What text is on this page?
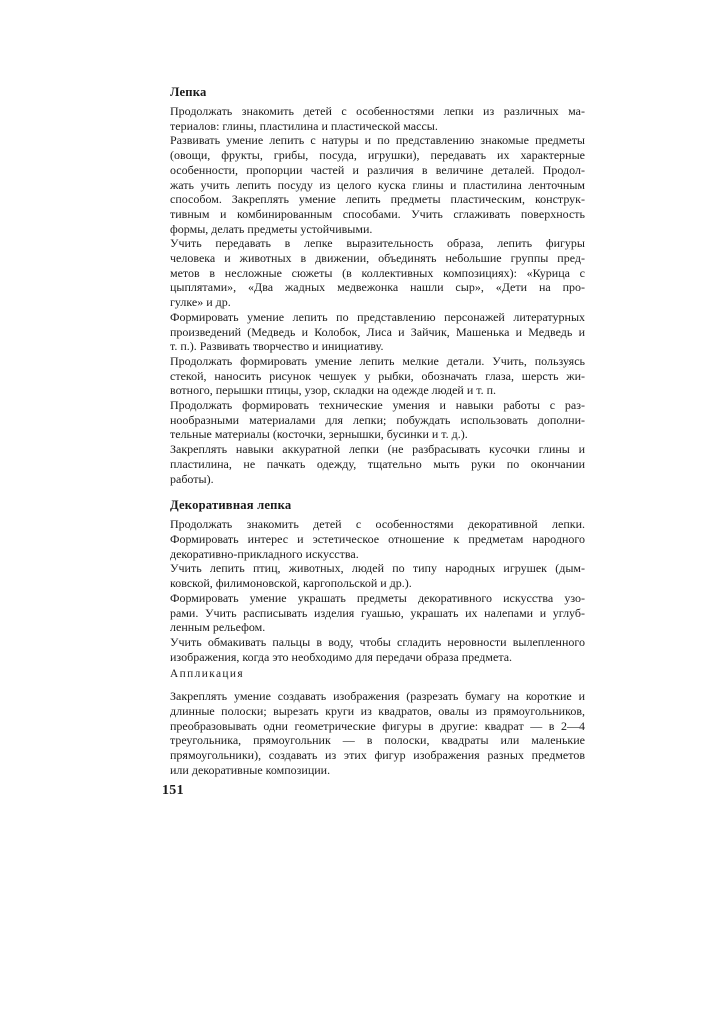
Лепка
Продолжать знакомить детей с особенностями лепки из различных ма-
териалов: глины, пластилина и пластической массы.
Развивать умение лепить с натуры и по представлению знакомые предметы
(овощи, фрукты, грибы, посуда, игрушки), передавать их характерные
особенности, пропорции частей и различия в величине деталей. Продол-
жать учить лепить посуду из целого куска глины и пластилина ленточным
способом. Закреплять умение лепить предметы пластическим, конструк-
тивным и комбинированным способами. Учить сглаживать поверхность
формы, делать предметы устойчивыми.
Учить передавать в лепке выразительность образа, лепить фигуры
человека и животных в движении, объединять небольшие группы пред-
метов в несложные сюжеты (в коллективных композициях): «Курица с
цыплятами», «Два жадных медвежонка нашли сыр», «Дети на про-
гулке» и др.
Формировать умение лепить по представлению персонажей литературных
произведений (Медведь и Колобок, Лиса и Зайчик, Машенька и Медведь и
т. п.). Развивать творчество и инициативу.
Продолжать формировать умение лепить мелкие детали. Учить, пользуясь
стекой, наносить рисунок чешуек у рыбки, обозначать глаза, шерсть жи-
вотного, перышки птицы, узор, складки на одежде людей и т. п.
Продолжать формировать технические умения и навыки работы с раз-
нообразными материалами для лепки; побуждать использовать дополни-
тельные материалы (косточки, зернышки, бусинки и т. д.).
Закреплять навыки аккуратной лепки (не разбрасывать кусочки глины и
пластилина, не пачкать одежду, тщательно мыть руки по окончании
работы).
Декоративная лепка
Продолжать знакомить детей с особенностями декоративной лепки.
Формировать интерес и эстетическое отношение к предметам народного
декоративно-прикладного искусства.
Учить лепить птиц, животных, людей по типу народных игрушек (дым-
ковской, филимоновской, каргопольской и др.).
Формировать умение украшать предметы декоративного искусства узо-
рами. Учить расписывать изделия гуашью, украшать их налепами и углуб-
ленным рельефом.
Учить обмакивать пальцы в воду, чтобы сгладить неровности вылепленного
изображения, когда это необходимо для передачи образа предмета.
Аппликация
Закреплять умение создавать изображения (разрезать бумагу на короткие и
длинные полоски; вырезать круги из квадратов, овалы из прямоугольников,
преобразовывать одни геометрические фигуры в другие: квадрат — в 2—4
треугольника, прямоугольник — в полоски, квадраты или маленькие
прямоугольники), создавать из этих фигур изображения разных предметов
или декоративные композиции.
151
